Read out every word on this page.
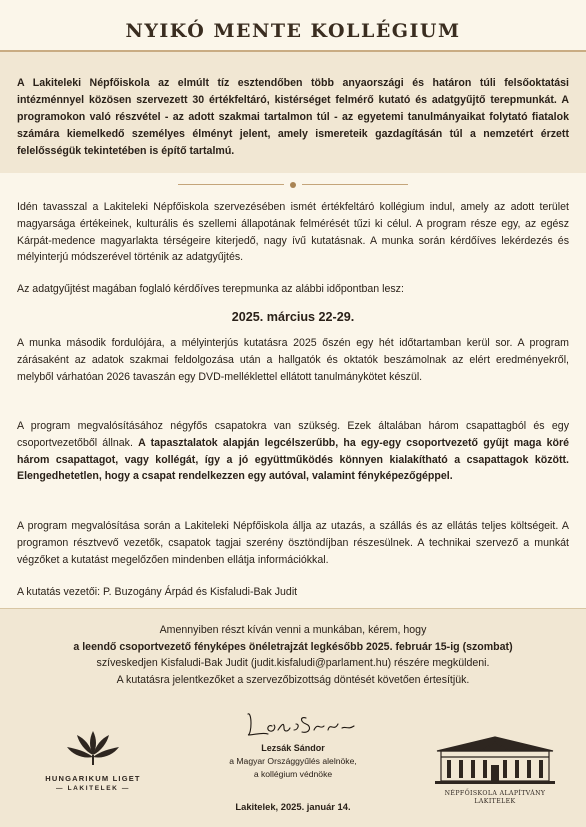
NYIKÓ MENTE KOLLÉGIUM
A Lakiteleki Népfőiskola az elmúlt tíz esztendőben több anyaországi és határon túli felsőoktatási intézménnyel közösen szervezett 30 értékfeltáró, kistérséget felmérő kutató és adatgyűjtő terepmunkát. A programokon való részvétel - az adott szakmai tartalmon túl - az egyetemi tanulmányaikat folytató fiatalok számára kiemelkedő személyes élményt jelent, amely ismereteik gazdagításán túl a nemzetért érzett felelősségük tekintetében is építő tartalmú.

Idén tavasszal a Lakiteleki Népfőiskola szervezésében ismét értékfeltáró kollégium indul, amely az adott terület magyarsága értékeinek, kulturális és szellemi állapotának felmérését tűzi ki célul. A program része egy, az egész Kárpát-medence magyarlakta térségeire kiterjedő, nagy ívű kutatásnak. A munka során kérdőíves lekérdezés és mélyinterjú módszerével történik az adatgyűjtés.

Az adatgyűjtést magában foglaló kérdőíves terepmunka az alábbi időpontban lesz:

2025. március 22-29.

A munka második fordulójára, a mélyinterjús kutatásra 2025 őszén egy hét időtartamban kerül sor. A program zárásaként az adatok szakmai feldolgozása után a hallgatók és oktatók beszámolnak az elért eredményekről, melyből várhatóan 2026 tavaszán egy DVD-melléklettel ellátott tanulmánykötet készül.

A program megvalósításához négyfős csapatokra van szükség. Ezek általában három csapattagból és egy csoportvezetőből állnak. A tapasztalatok alapján legcélszerűbb, ha egy-egy csoportvezető gyűjt maga köré három csapattagot, vagy kollégát, így a jó együttműködés könnyen kialakítható a csapattagok között. Elengedhetetlen, hogy a csapat rendelkezzen egy autóval, valamint fényképezőgéppel.

A program megvalósítása során a Lakiteleki Népfőiskola állja az utazás, a szállás és az ellátás teljes költségeit. A programon résztvevő vezetők, csapatok tagjai szerény ösztöndíjban részesülnek. A technikai szervező a munkát végzőket a kutatást megelőzően mindenben ellátja információkkal.

A kutatás vezetői: P. Buzogány Árpád és Kisfaludi-Bak Judit

Amennyiben részt kíván venni a munkában, kérem, hogy
a leendő csoportvezető fényképes önéletrajzát legkésőbb 2025. február 15-ig (szombat)
szíveskedjen Kisfaludi-Bak Judit (judit.kisfaludi@parlament.hu) részére megküldeni.
A kutatásra jelentkezőket a szervezőbizottság döntését követően értesítjük.
HUNGARIKUM LIGET
— LAKITELEK —
Lezsák Sándor
a Magyar Országgyűlés alelnöke,
a kollégium védnöke
Lakitelek, 2025. január 14.
NÉPFŐISKOLA ALAPÍTVÁNY
LAKITELEK
